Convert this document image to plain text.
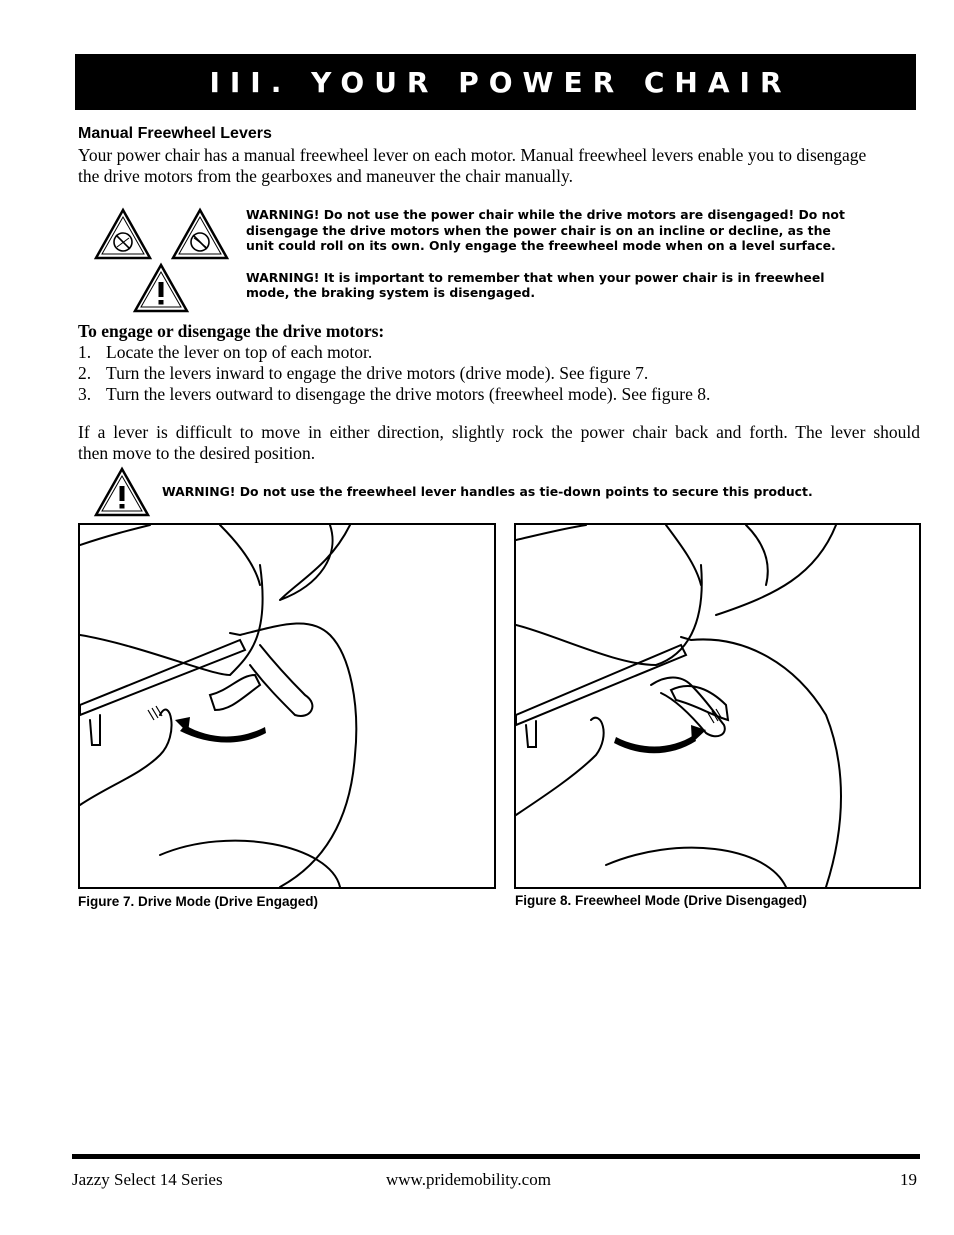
III. YOUR POWER CHAIR
Manual Freewheel Levers
Your power chair has a manual freewheel lever on each motor. Manual freewheel levers enable you to disengage
the drive motors from the gearboxes and maneuver the chair manually.
WARNING! Do not use the power chair while the drive motors are disengaged! Do not
disengage the drive motors when the power chair is on an incline or decline, as the
unit could roll on its own. Only engage the freewheel mode when on a level surface.
WARNING! It is important to remember that when your power chair is in freewheel
mode, the braking system is disengaged.
To engage or disengage the drive motors:
1. Locate the lever on top of each motor.
2. Turn the levers inward to engage the drive motors (drive mode). See figure 7.
3. Turn the levers outward to disengage the drive motors (freewheel mode). See figure 8.
If a lever is difficult to move in either direction, slightly rock the power chair back and forth. The lever should
then move to the desired position.
WARNING! Do not use the freewheel lever handles as tie-down points to secure this product.
Figure 7. Drive Mode (Drive Engaged)	Figure 8. Freewheel Mode (Drive Disengaged)
Jazzy Select 14 Series	www.pridemobility.com	19
